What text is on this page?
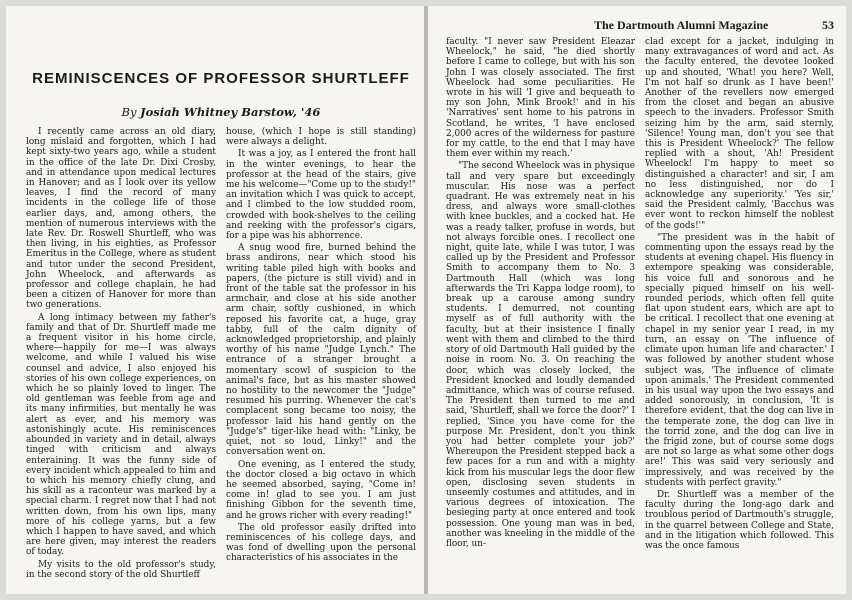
REMINISCENCES OF PROFESSOR SHURTLEFF
By Josiah Whitney Barstow, '46

I recently came across an old diary, long mislaid and forgotten, which I had kept sixty-two years ago, while a student in the office of the late Dr. Dixi Crosby, and in attendance upon medical lectures in Hanover; and as I look over its yellow leaves, I find the record of many incidents in the college life of those earlier days, and, among others, the mention of numerous interviews with the late Rev. Dr. Roswell Shurtleff, who was then living, in his eighties, as Professor Emeritus in the College, where as student and tutor under the second President, John Wheelock, and afterwards as professor and college chaplain, he had been a citizen of Hanover for more than two generations.

A long intimacy between my father's family and that of Dr. Shurtleff made me a frequent visitor in his home circle, where—happily for me—I was always welcome, and while I valued his wise counsel and advice, I also enjoyed his stories of his own college experiences, on which he so plainly loved to linger. The old gentleman was feeble from age and its many infirmities, but mentally he was alert as ever, and his memory was astonishingly acute. His reminiscences abounded in variety and in detail, always tinged with criticism and always enteraining. It was the funny side of every incident which appealed to him and to which his memory chiefly clung, and his skill as a raconteur was marked by a special charm. I regret now that I had not written down, from his own lips, many more of his college yarns, but a few which I happen to have saved, and which are here given, may interest the readers of today.

My visits to the old professor's study, in the second story of the old Shurtleff

house, (which I hope is still standing) were always a delight.

It was a joy, as I entered the front hall in the winter evenings, to hear the professor at the head of the stairs, give me his welcome—"Come up to the study!" an invitation which I was quick to accept, and I climbed to the low studded room, crowded with book-shelves to the ceiling and reeking with the professor's cigars, for a pipe was his abhorrence.

A snug wood fire, burned behind the brass andirons, near which stood his writing table piled high with books and papers, (the picture is still vivid) and in front of the table sat the professor in his armchair, and close at his side another arm chair, softly cushioned, in which reposed his favorite cat, a huge, gray tabby, full of the calm dignity of acknowledged proprietorship, and plainly worthy of his name "Judge Lynch." The entrance of a stranger brought a momentary scowl of suspicion to the animal's face, but as his master showed no hostility to the newcomer the "Judge" resumed his purring. Whenever the cat's complacent song became too noisy, the professor laid his hand gently on the "Judge's" tiger-like head with: "Linky, be quiet, not so loud, Linky!" and the conversation went on.

One evening, as I entered the study, the doctor closed a big octavo in which he seemed absorbed, saying, "Come in! come in! glad to see you. I am just finishing Gibbon for the seventh time, and he grows richer with every reading!"

The old professor easily drifted into reminiscences of his college days, and was fond of dwelling upon the personal characteristics of his associates in the

The Dartmouth Alumni Magazine	53

faculty. "I never saw President Eleazar Wheelock," he said, "he died shortly before I came to college, but with his son John I was closely associated. The first Wheelock had some peculiarities. He wrote in his will 'I give and bequeath to my son John, Mink Brook!' and in his 'Narratives' sent home to his patrons in Scotland, he writes, 'I have enclosed 2,000 acres of the wilderness for pasture for my cattle, to the end that I may have them ever within my reach.'

"The second Wheelock was in physique tall and very spare but exceedingly muscular. His nose was a perfect quadrant. He was extremely neat in his dress, and always wore small-clothes with knee buckles, and a cocked hat. He was a ready talker, profuse in words, but not always forcible ones. I recollect one night, quite late, while I was tutor, I was called up by the President and Professor Smith to accompany them to No. 3 Dartmouth Hall (which was long afterwards the Tri Kappa lodge room), to break up a carouse among sundry students. I demurred, not counting myself as of full authority with the faculty, but at their insistence I finally went with them and climbed to the third story of old Dartmouth Hall guided by the noise in room No. 3. On reaching the door, which was closely locked, the President knocked and loudly demanded admittance, which was of course refused. The President then turned to me and said, 'Shurtleff, shall we force the door?' I replied, 'Since you have come for the purpose Mr. President, don't you think you had better complete your job?' Whereupon the President stepped back a few paces for a run and with a mighty kick from his muscular legs the door flew open, disclosing seven students in unseemly costumes and attitudes, and in various degrees of intoxication. The besieging party at once entered and took possession. One young man was in bed, another was kneeling in the middle of the floor, un-

clad except for a jacket, indulging in many extravagances of word and act. As the faculty entered, the devotee looked up and shouted, 'What! you here? Well, I'm not half so drunk as I have been!' Another of the revellers now emerged from the closet and began an abusive speech to the invaders. Professor Smith seizing him by the arm, said sternly, 'Silence! Young man, don't you see that this is President Wheelock?' The fellow replied with a shout, 'Ah! President Wheelock! I'm happy to meet so distinguished a character! and sir, I am no less distinguished, nor do I acknowledge any superiority.' 'Yes sir,' said the President calmly, 'Bacchus was ever wont to reckon himself the noblest of the gods!'"

"The president was in the habit of commenting upon the essays read by the students at evening chapel. His fluency in extempore speaking was considerable, his voice full and sonorous and he specially piqued himself on his well-rounded periods, which often fell quite flat upon student ears, which are apt to be critical. I recollect that one evening at chapel in my senior year I read, in my turn, an essay on 'The influence of climate upon human life and character.' I was followed by another student whose subject was, 'The influence of climate upon animals.' The President commented in his usual way upon the two essays and added sonorously, in conclusion, 'It is therefore evident, that the dog can live in the temperate zone, the dog can live in the torrid zone, and the dog can live in the frigid zone, but of course some dogs are not so large as what some other dogs are!' This was said very seriously and impressively, and was received by the students with perfect gravity."

Dr. Shurtleff was a member of the faculty during the long-ago dark and troublous period of Dartmouth's struggle, in the quarrel between College and State, and in the litigation which followed. This was the once famous
